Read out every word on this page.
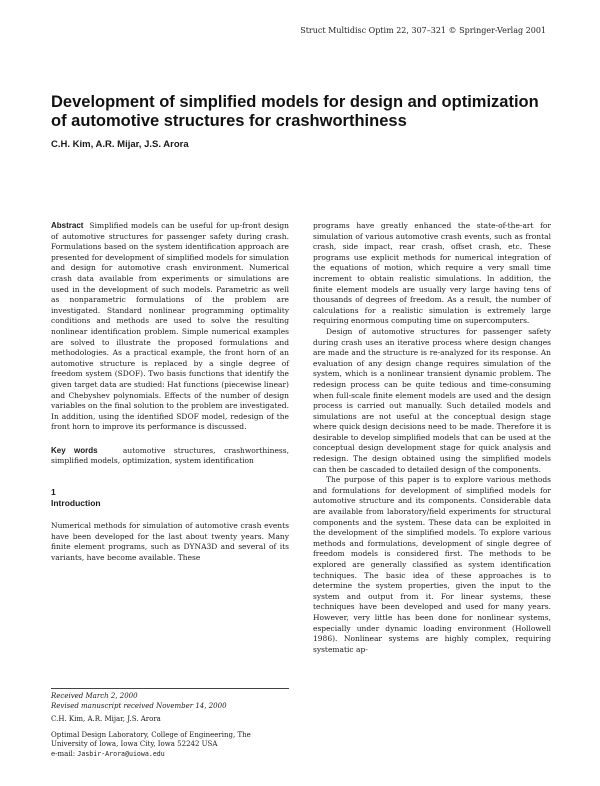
Struct Multidisc Optim 22, 307–321 © Springer-Verlag 2001
Development of simplified models for design and optimization of automotive structures for crashworthiness
C.H. Kim, A.R. Mijar, J.S. Arora

Abstract Simplified models can be useful for up-front design of automotive structures for passenger safety during crash. Formulations based on the system identification approach are presented for development of simplified models for simulation and design for automotive crash environment. Numerical crash data available from experiments or simulations are used in the development of such models. Parametric as well as nonparametric formulations of the problem are investigated. Standard nonlinear programming optimality conditions and methods are used to solve the resulting nonlinear identification problem. Simple numerical examples are solved to illustrate the proposed formulations and methodologies. As a practical example, the front horn of an automotive structure is replaced by a single degree of freedom system (SDOF). Two basis functions that identify the given target data are studied: Hat functions (piecewise linear) and Chebyshev polynomials. Effects of the number of design variables on the final solution to the problem are investigated. In addition, using the identified SDOF model, redesign of the front horn to improve its performance is discussed.

Key words	automotive structures, crashworthiness, simplified models, optimization, system identification

1
Introduction

Numerical methods for simulation of automotive crash events have been developed for the last about twenty years. Many finite element programs, such as DYNA3D and several of its variants, have become available. These

Received March 2, 2000

Revised manuscript received November 14, 2000

C.H. Kim, A.R. Mijar, J.S. Arora

Optimal Design Laboratory, College of Engineering, The University of Iowa, Iowa City, Iowa 52242 USA

e-mail: Jasbir-Arora@uiowa.edu

programs have greatly enhanced the state-of-the-art for simulation of various automotive crash events, such as frontal crash, side impact, rear crash, offset crash, etc. These programs use explicit methods for numerical integration of the equations of motion, which require a very small time increment to obtain realistic simulations. In addition, the finite element models are usually very large having tens of thousands of degrees of freedom. As a result, the number of calculations for a realistic simulation is extremely large requiring enormous computing time on supercomputers.

Design of automotive structures for passenger safety during crash uses an iterative process where design changes are made and the structure is re-analyzed for its response. An evaluation of any design change requires simulation of the system, which is a nonlinear transient dynamic problem. The redesign process can be quite tedious and time-consuming when full-scale finite element models are used and the design process is carried out manually. Such detailed models and simulations are not useful at the conceptual design stage where quick design decisions need to be made. Therefore it is desirable to develop simplified models that can be used at the conceptual design development stage for quick analysis and redesign. The design obtained using the simplified models can then be cascaded to detailed design of the components.

The purpose of this paper is to explore various methods and formulations for development of simplified models for automotive structure and its components. Considerable data are available from laboratory/field experiments for structural components and the system. These data can be exploited in the development of the simplified models. To explore various methods and formulations, development of single degree of freedom models is considered first. The methods to be explored are generally classified as system identification techniques. The basic idea of these approaches is to determine the system properties, given the input to the system and output from it. For linear systems, these techniques have been developed and used for many years. However, very little has been done for nonlinear systems, especially under dynamic loading environment (Hollowell 1986). Nonlinear systems are highly complex, requiring systematic ap-
